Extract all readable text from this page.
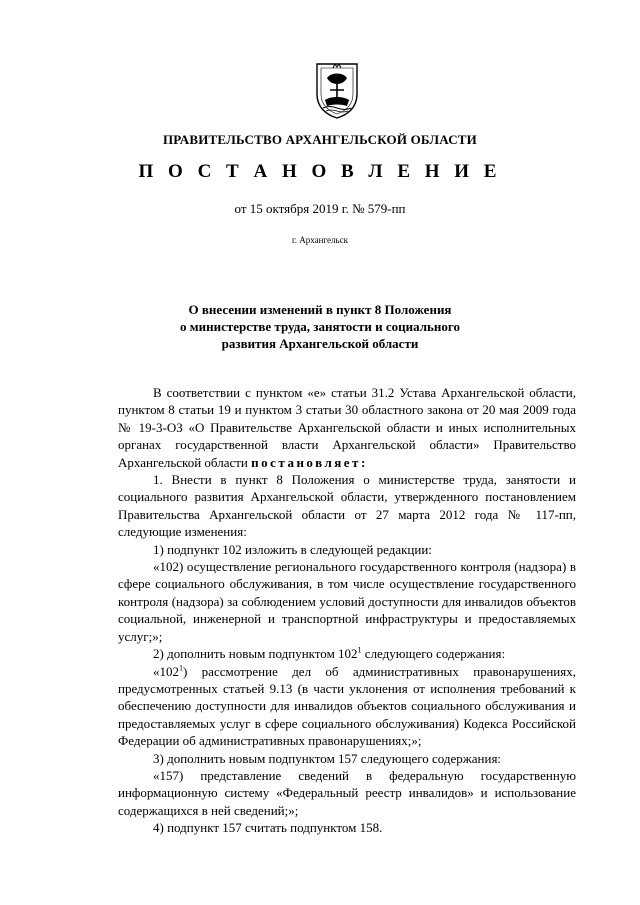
ПРАВИТЕЛЬСТВО АРХАНГЕЛЬСКОЙ ОБЛАСТИ
П О С Т А Н О В Л Е Н И Е
от 15 октября 2019 г. № 579-пп
г. Архангельск
О внесении изменений в пункт 8 Положения
о министерстве труда, занятости и социального
развития Архангельской области

В соответствии с пунктом «е» статьи 31.2 Устава Архангельской области, пунктом 8 статьи 19 и пунктом 3 статьи 30 областного закона от 20 мая 2009 года № 19-3-ОЗ «О Правительстве Архангельской области и иных исполнительных органах государственной власти Архангельской области» Правительство Архангельской области постановляет:

1. Внести в пункт 8 Положения о министерстве труда, занятости и социального развития Архангельской области, утвержденного постановлением Правительства Архангельской области от 27 марта 2012 года № 117-пп, следующие изменения:

1) подпункт 102 изложить в следующей редакции:

«102) осуществление регионального государственного контроля (надзора) в сфере социального обслуживания, в том числе осуществление государственного контроля (надзора) за соблюдением условий доступности для инвалидов объектов социальной, инженерной и транспортной инфраструктуры и предоставляемых услуг;»;

2) дополнить новым подпунктом $102^1$ следующего содержания:

«$102^1$) рассмотрение дел об административных правонарушениях, предусмотренных статьей 9.13 (в части уклонения от исполнения требований к обеспечению доступности для инвалидов объектов социального обслуживания и предоставляемых услуг в сфере социального обслуживания) Кодекса Российской Федерации об административных правонарушениях;»;

3) дополнить новым подпунктом 157 следующего содержания:

«157) представление сведений в федеральную государственную информационную систему «Федеральный реестр инвалидов» и использование содержащихся в ней сведений;»;

4) подпункт 157 считать подпунктом 158.
